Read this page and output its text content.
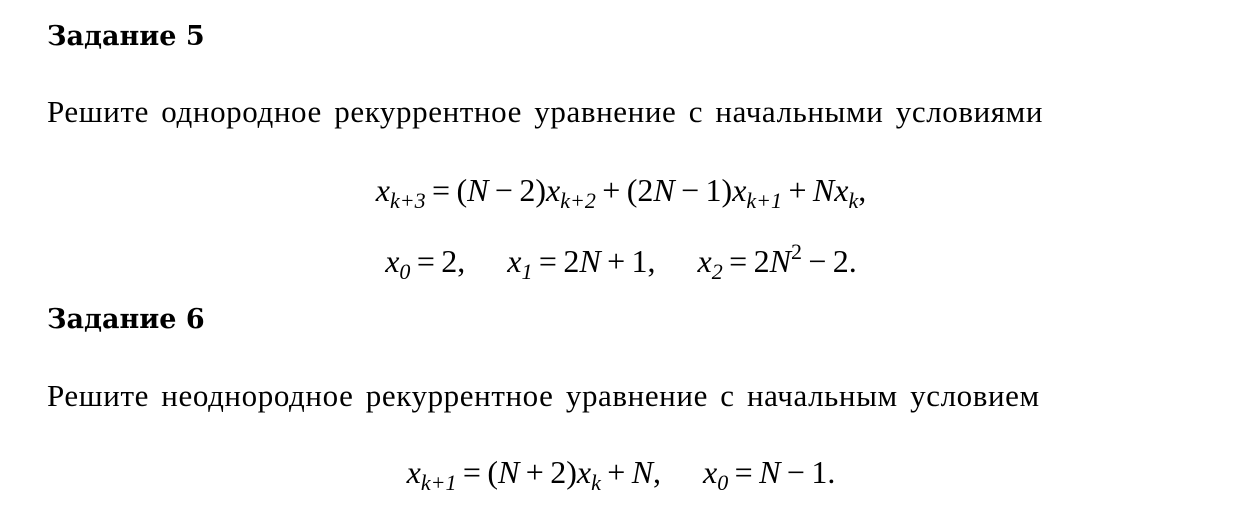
Задание 5
Решите однородное рекуррентное уравнение с начальными условиями
$x_{k+3} = (N - 2)x_{k+2} + (2N - 1)x_{k+1} + Nx_k$,
$x_0 = 2$, $x_1 = 2N + 1$, $x_2 = 2N^2 - 2$.
Задание 6
Решите неоднородное рекуррентное уравнение с начальным условием
$x_{k+1} = (N + 2)x_k + N$, $x_0 = N - 1$.
